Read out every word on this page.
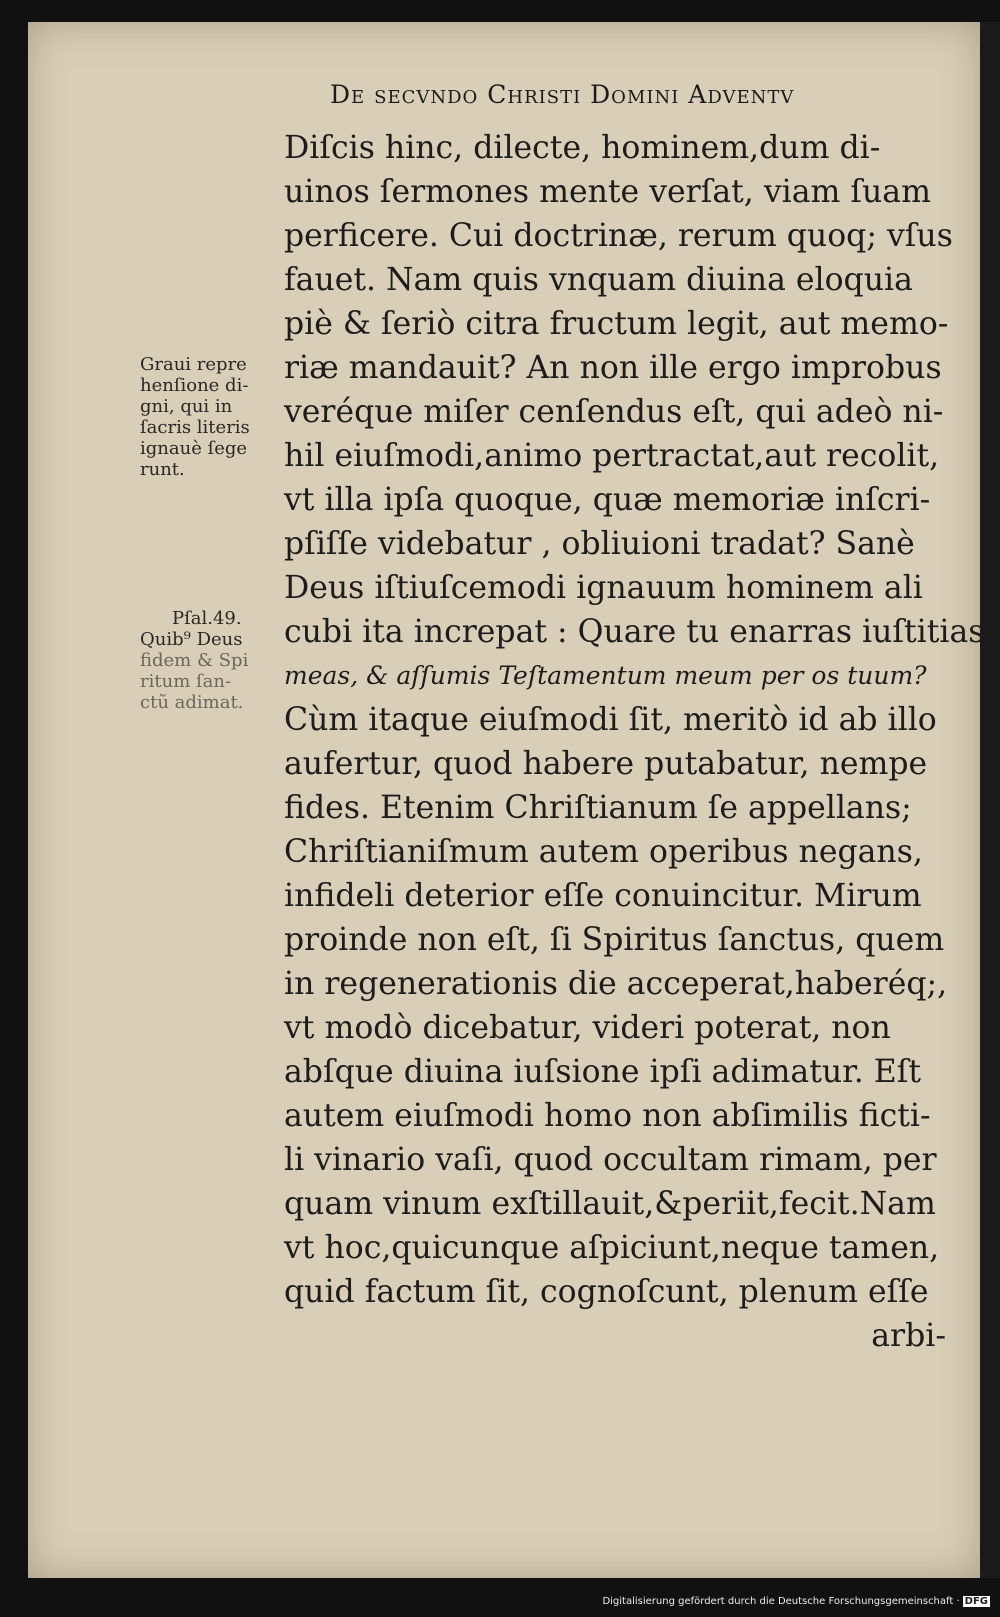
De secvndo Christi Domini Adventv
Diſcis hinc, dilecte, hominem,dum di-
uinos ſermones mente verſat, viam ſuam
perficere. Cui doctrinæ, rerum quoq; vſus
fauet. Nam quis vnquam diuina eloquia
piè & ſeriò citra fructum legit, aut memo-
riæ mandauit? An non ille ergo improbus
veréque miſer cenſendus eſt, qui adeò ni-
hil eiuſmodi,animo pertractat,aut recolit,
vt illa ipſa quoque, quæ memoriæ inſcri-
pſiſſe videbatur , obliuioni tradat? Sanè
Deus iſtiuſcemodi ignauum hominem ali
cubi ita increpat : Quare tu enarras iuſtitias
meas, & aſſumis Teſtamentum meum per os tuum?
Cùm itaque eiuſmodi ſit, meritò id ab illo
aufertur, quod habere putabatur, nempe
fides. Etenim Chriſtianum ſe appellans;
Chriſtianiſmum autem operibus negans,
infideli deterior eſſe conuincitur. Mirum
proinde non eſt, ſi Spiritus ſanctus, quem
in regenerationis die acceperat,haberéq;,
vt modò dicebatur, videri poterat, non
abſque diuina iuſsione ipſi adimatur. Eſt
autem eiuſmodi homo non abſimilis ficti-
li vinario vaſi, quod occultam rimam, per
quam vinum exſtillauit,&periit,fecit.Nam
vt hoc,quicunque aſpiciunt,neque tamen,
quid factum ſit, cognoſcunt, plenum eſſe
arbi-
Graui repre
henſione di-
gni, qui in
ſacris literis
ignauè ſege
runt.
Pſal.49.
Quib⁹ Deus
fidem & Spi
ritum ſan-
ctũ adimat.
Digitalisierung gefördert durch die Deutsche Forschungsgemeinschaft · DFG
